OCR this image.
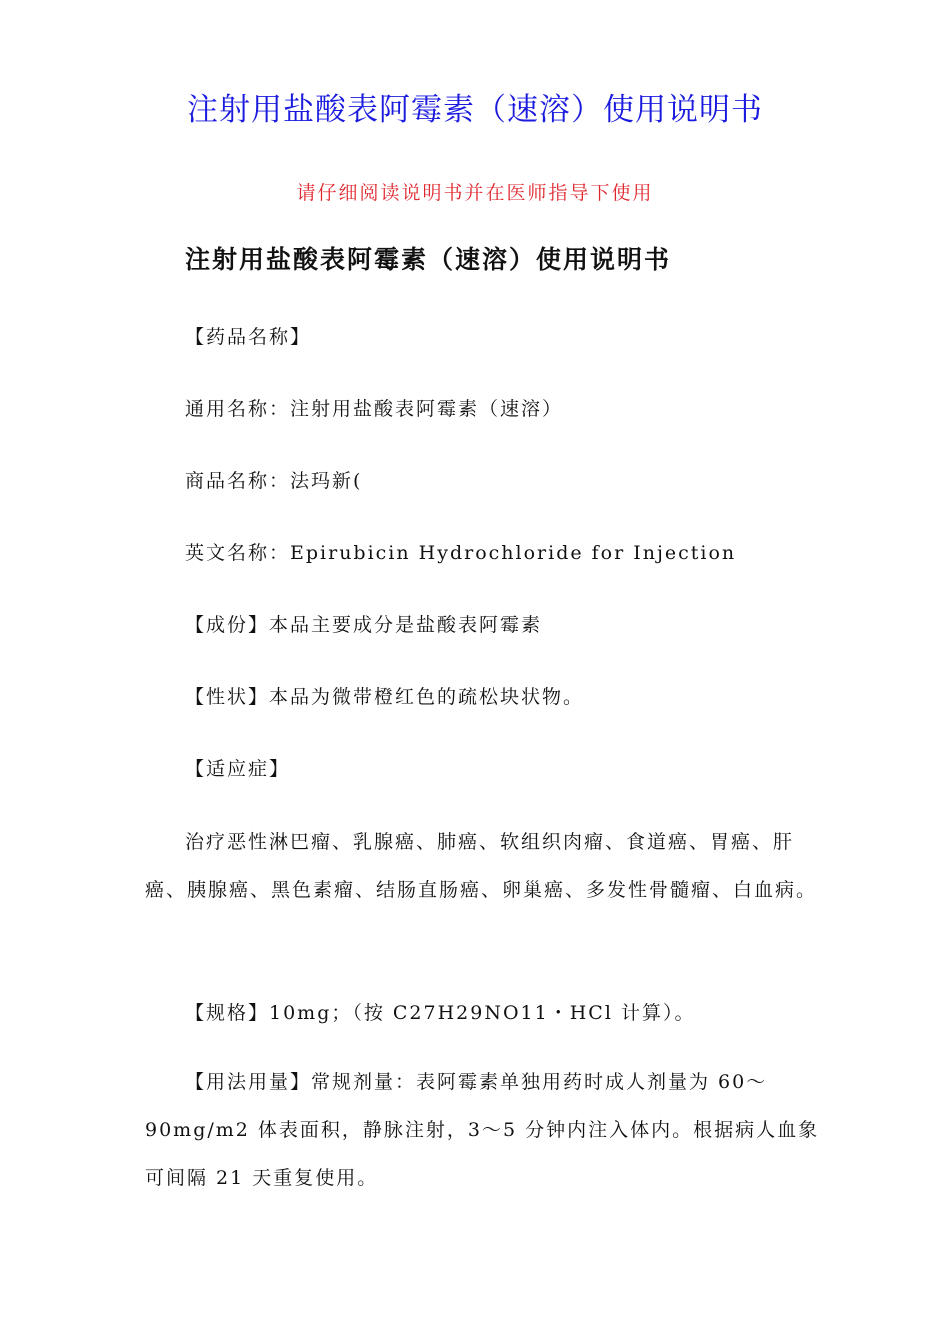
注射用盐酸表阿霉素（速溶）使用说明书

请仔细阅读说明书并在医师指导下使用

注射用盐酸表阿霉素（速溶）使用说明书

【药品名称】

通用名称：注射用盐酸表阿霉素（速溶）

商品名称：法玛新(

英文名称：Epirubicin Hydrochloride for Injection

【成份】本品主要成分是盐酸表阿霉素

【性状】本品为微带橙红色的疏松块状物。

【适应症】

治疗恶性淋巴瘤、乳腺癌、肺癌、软组织肉瘤、食道癌、胃癌、肝癌、胰腺癌、黑色素瘤、结肠直肠癌、卵巢癌、多发性骨髓瘤、白血病。

【规格】10mg；（按 C27H29NO11・HCl 计算）。

【用法用量】常规剂量：表阿霉素单独用药时成人剂量为 60～90mg/m2 体表面积，静脉注射，3～5 分钟内注入体内。根据病人血象可间隔 21 天重复使用。
